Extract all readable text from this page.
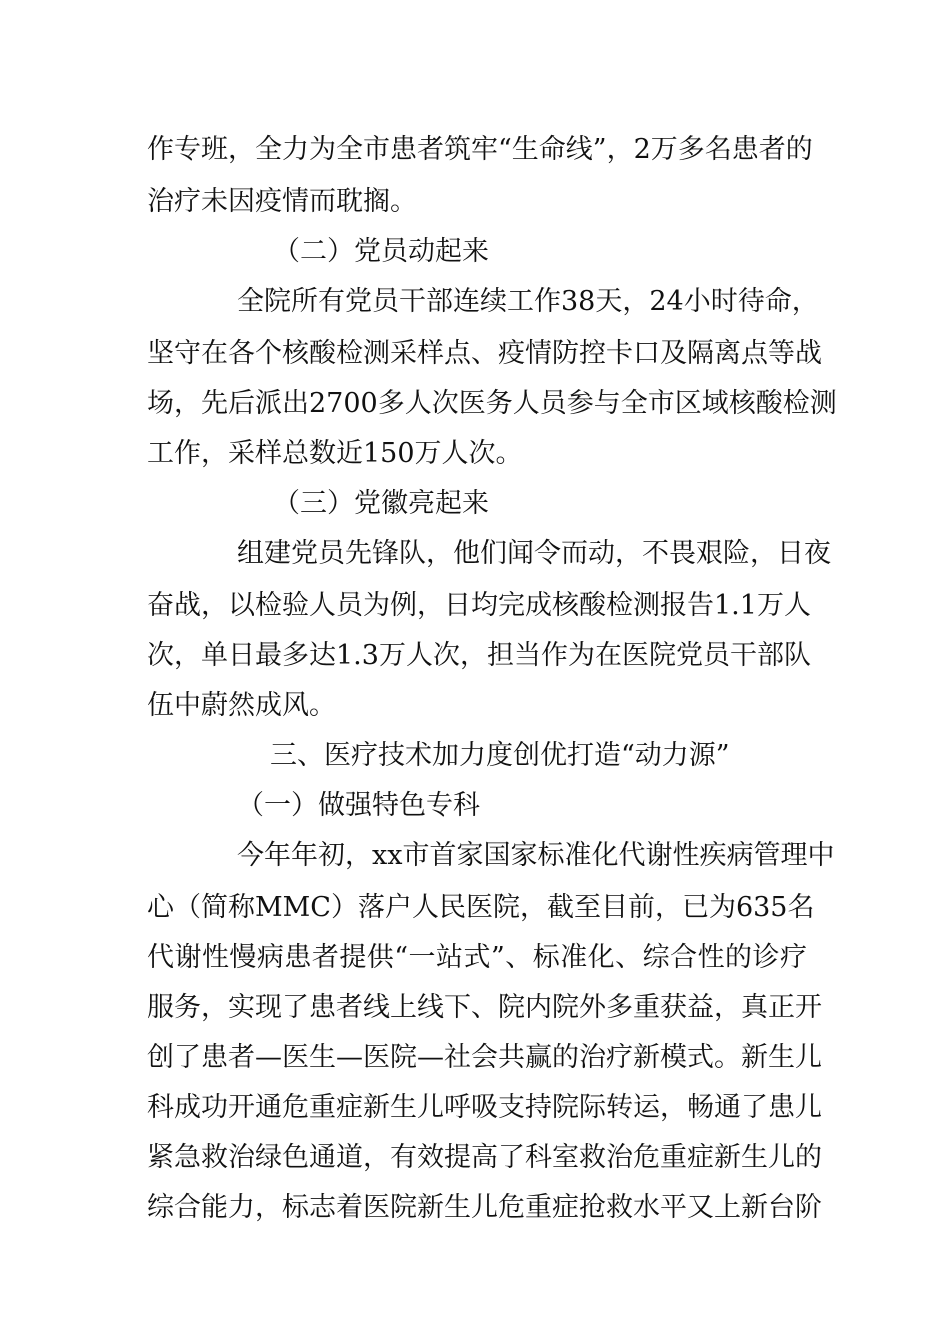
作专班，全力为全市患者筑牢“生命线”，2万多名患者的
治疗未因疫情而耽搁。
（二）党员动起来
全院所有党员干部连续工作38天，24小时待命，
坚守在各个核酸检测采样点、疫情防控卡口及隔离点等战
场，先后派出2700多人次医务人员参与全市区域核酸检测
工作，采样总数近150万人次。
（三）党徽亮起来
组建党员先锋队，他们闻令而动，不畏艰险，日夜
奋战，以检验人员为例，日均完成核酸检测报告1.1万人
次，单日最多达1.3万人次，担当作为在医院党员干部队
伍中蔚然成风。
三、医疗技术加力度创优打造“动力源”
（一）做强特色专科
今年年初，xx市首家国家标准化代谢性疾病管理中
心（简称MMC）落户人民医院，截至目前，已为635名
代谢性慢病患者提供“一站式”、标准化、综合性的诊疗
服务，实现了患者线上线下、院内院外多重获益，真正开
创了患者—医生—医院—社会共赢的治疗新模式。新生儿
科成功开通危重症新生儿呼吸支持院际转运，畅通了患儿
紧急救治绿色通道，有效提高了科室救治危重症新生儿的
综合能力，标志着医院新生儿危重症抢救水平又上新台阶
